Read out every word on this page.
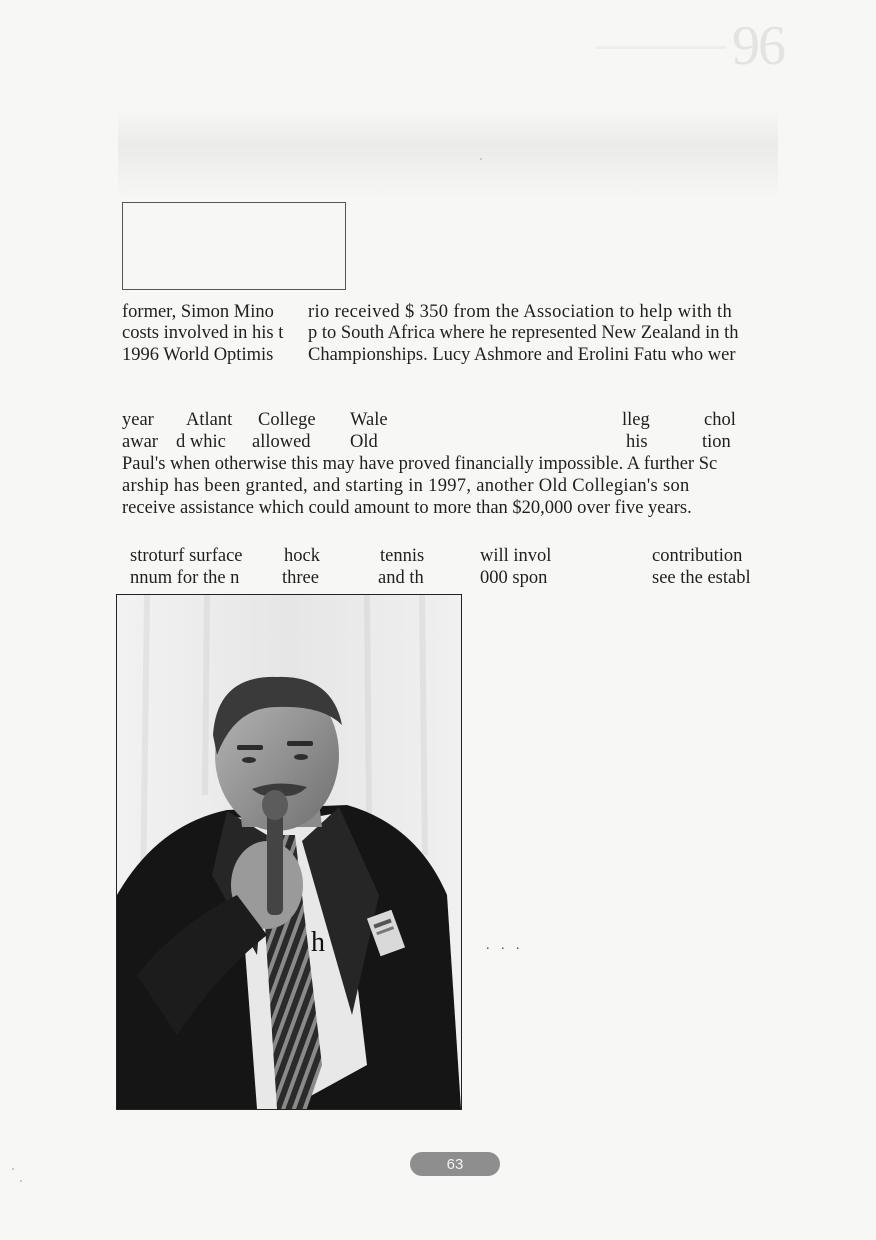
96
former, Simon Mino rio received $ 350 from the Association to help with th
costs involved in his t p to South Africa where he represented New Zealand in th
1996 World Optimis Championships. Lucy Ashmore and Erolini Fatu who wer
year Atlant College Wale	lleg	chol
awar d whic allowed Old	his	tion
Paul's when otherwise this may have proved financially impossible. A further Sc
arship has been granted, and starting in 1997, another Old Collegian's son
receive assistance which could amount to more than $20,000 over five years.
stroturf surface hock	tennis	will invol	contribution
nnum for the n three	and th	000 spon	see the establ
h	. . .
63
